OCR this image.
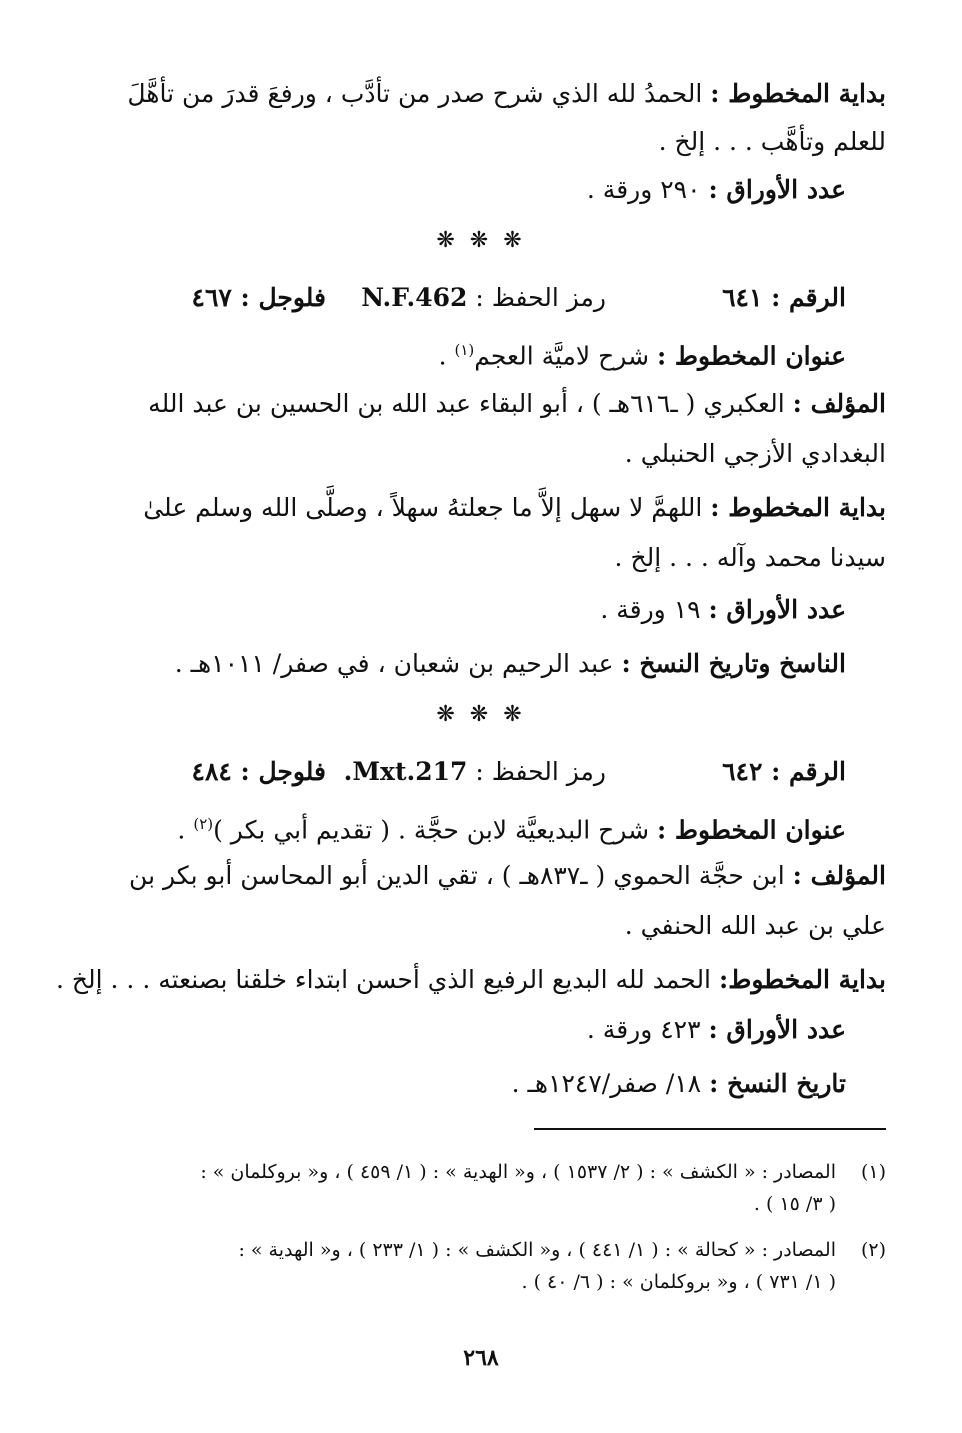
بداية المخطوط : الحمدُ لله الذي شرح صدر من تأدَّب ، ورفعَ قدرَ من تأهَّلَ
للعلم وتأهَّب . . . إلخ .
عدد الأوراق : ٢٩٠ ورقة .
❋ ❋ ❋
الرقم : ٦٤١
رمز الحفظ : N.F.462
فلوجل : ٤٦٧
عنوان المخطوط : شرح لاميَّة العجم$^{(١)}$ .
المؤلف : العكبري ( ـ٦١٦هـ ) ، أبو البقاء عبد الله بن الحسين بن عبد الله
البغدادي الأزجي الحنبلي .
بداية المخطوط : اللهمَّ لا سهل إلاَّ ما جعلتهُ سهلاً ، وصلَّى الله وسلم علىٰ
سيدنا محمد وآله . . . إلخ .
عدد الأوراق : ١٩ ورقة .
الناسخ وتاريخ النسخ : عبد الرحيم بن شعبان ، في صفر/ ١٠١١هـ .
❋ ❋ ❋
الرقم : ٦٤٢
رمز الحفظ : Mxt.217.
فلوجل : ٤٨٤
عنوان المخطوط : شرح البديعيَّة لابن حجَّة . ( تقديم أبي بكر )$^{(٢)}$ .
المؤلف : ابن حجَّة الحموي ( ـ٨٣٧هـ ) ، تقي الدين أبو المحاسن أبو بكر بن
علي بن عبد الله الحنفي .
بداية المخطوط: الحمد لله البديع الرفيع الذي أحسن ابتداء خلقنا بصنعته . . . إلخ .
عدد الأوراق : ٤٢٣ ورقة .
تاريخ النسخ : ١٨/ صفر/١٢٤٧هـ .
(١)
المصادر : « الكشف » : ( ٢/ ١٥٣٧ ) ، و« الهدية » : ( ١/ ٤٥٩ ) ، و« بروكلمان » :
( ٣/ ١٥ ) .
(٢)
المصادر : « كحالة » : ( ١/ ٤٤١ ) ، و« الكشف » : ( ١/ ٢٣٣ ) ، و« الهدية » :
( ١/ ٧٣١ ) ، و« بروكلمان » : ( ٦/ ٤٠ ) .
٢٦٨
